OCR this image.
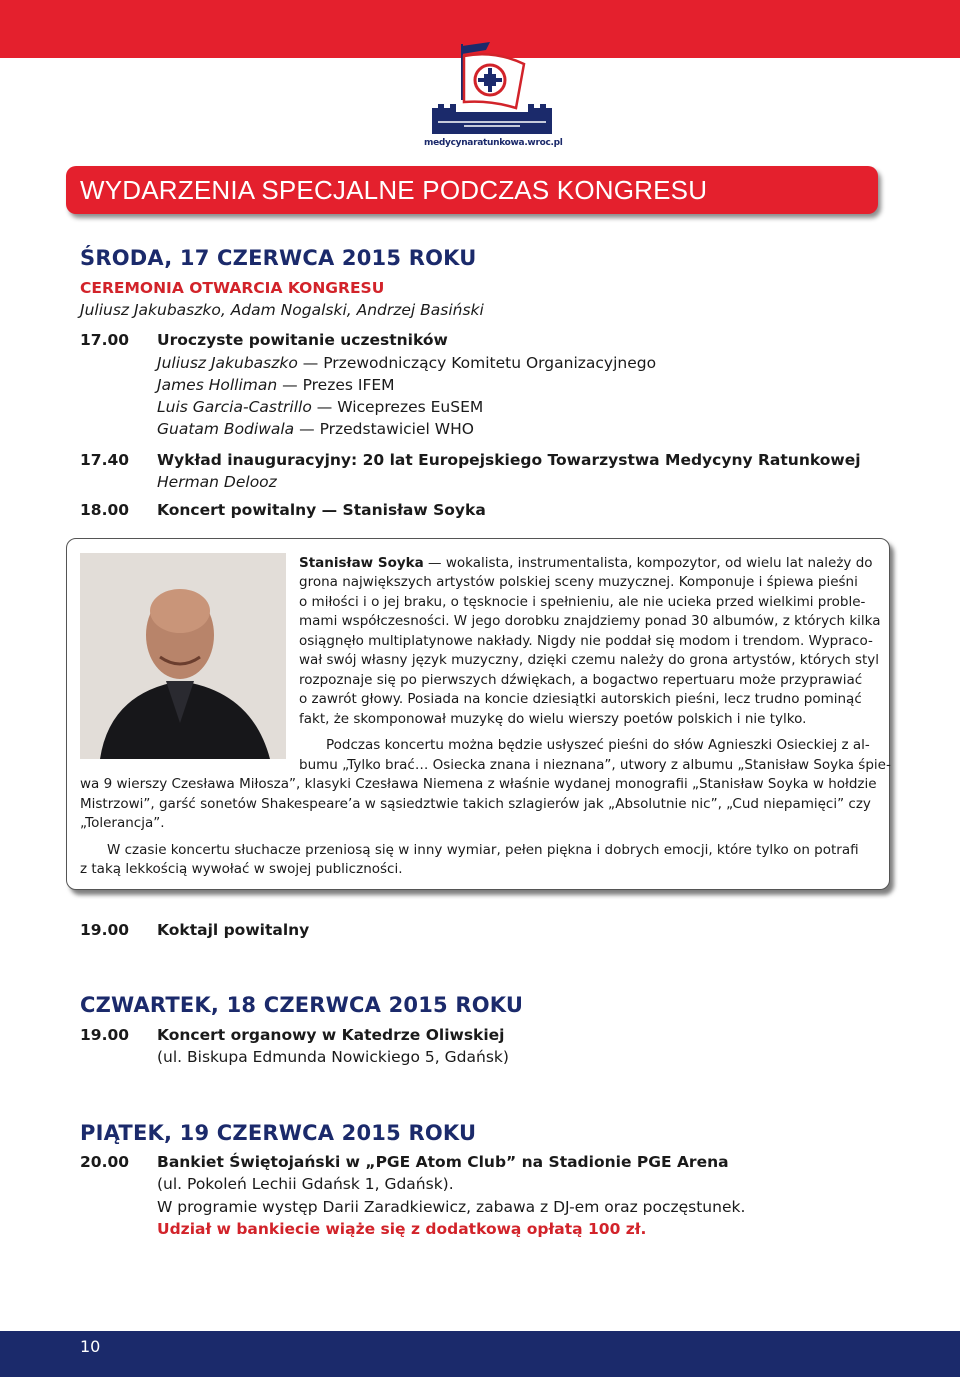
medycynaratunkowa.wroc.pl
WYDARZENIA SPECJALNE PODCZAS KONGRESU
ŚRODA, 17 CZERWCA 2015 ROKU
CEREMONIA OTWARCIA KONGRESU
Juliusz Jakubaszko, Adam Nogalski, Andrzej Basiński
17.00 Uroczyste powitanie uczestników
Juliusz Jakubaszko — Przewodniczący Komitetu Organizacyjnego
James Holliman — Prezes IFEM
Luis Garcia-Castrillo — Wiceprezes EuSEM
Guatam Bodiwala — Przedstawiciel WHO
17.40 Wykład inauguracyjny: 20 lat Europejskiego Towarzystwa Medycyny Ratunkowej
Herman Delooz
18.00 Koncert powitalny — Stanisław Soyka
Stanisław Soyka — wokalista, instrumentalista, kompozytor, od wielu lat należy do
grona największych artystów polskiej sceny muzycznej. Komponuje i śpiewa pieśni
o miłości i o jej braku, o tęsknocie i spełnieniu, ale nie ucieka przed wielkimi proble-
mami współczesności. W jego dorobku znajdziemy ponad 30 albumów, z których kilka
osiągnęło multiplatynowe nakłady. Nigdy nie poddał się modom i trendom. Wypraco-
wał swój własny język muzyczny, dzięki czemu należy do grona artystów, których styl
rozpoznaje się po pierwszych dźwiękach, a bogactwo repertuaru może przyprawiać
o zawrót głowy. Posiada na koncie dziesiątki autorskich pieśni, lecz trudno pominąć
fakt, że skomponował muzykę do wielu wierszy poetów polskich i nie tylko.
Podczas koncertu można będzie usłyszeć pieśni do słów Agnieszki Osieckiej z al-
bumu „Tylko brać… Osiecka znana i nieznana”, utwory z albumu „Stanisław Soyka śpie-
wa 9 wierszy Czesława Miłosza”, klasyki Czesława Niemena z właśnie wydanej monografii „Stanisław Soyka w hołdzie
Mistrzowi”, garść sonetów Shakespeare’a w sąsiedztwie takich szlagierów jak „Absolutnie nic”, „Cud niepamięci” czy
„Tolerancja”.
W czasie koncertu słuchacze przeniosą się w inny wymiar, pełen piękna i dobrych emocji, które tylko on potrafi
z taką lekkością wywołać w swojej publiczności.
19.00 Koktajl powitalny
CZWARTEK, 18 CZERWCA 2015 ROKU
19.00 Koncert organowy w Katedrze Oliwskiej
(ul. Biskupa Edmunda Nowickiego 5, Gdańsk)
PIĄTEK, 19 CZERWCA 2015 ROKU
20.00 Bankiet Świętojański w „PGE Atom Club” na Stadionie PGE Arena
(ul. Pokoleń Lechii Gdańsk 1, Gdańsk).
W programie występ Darii Zaradkiewicz, zabawa z DJ-em oraz poczęstunek.
Udział w bankiecie wiąże się z dodatkową opłatą 100 zł.
10
